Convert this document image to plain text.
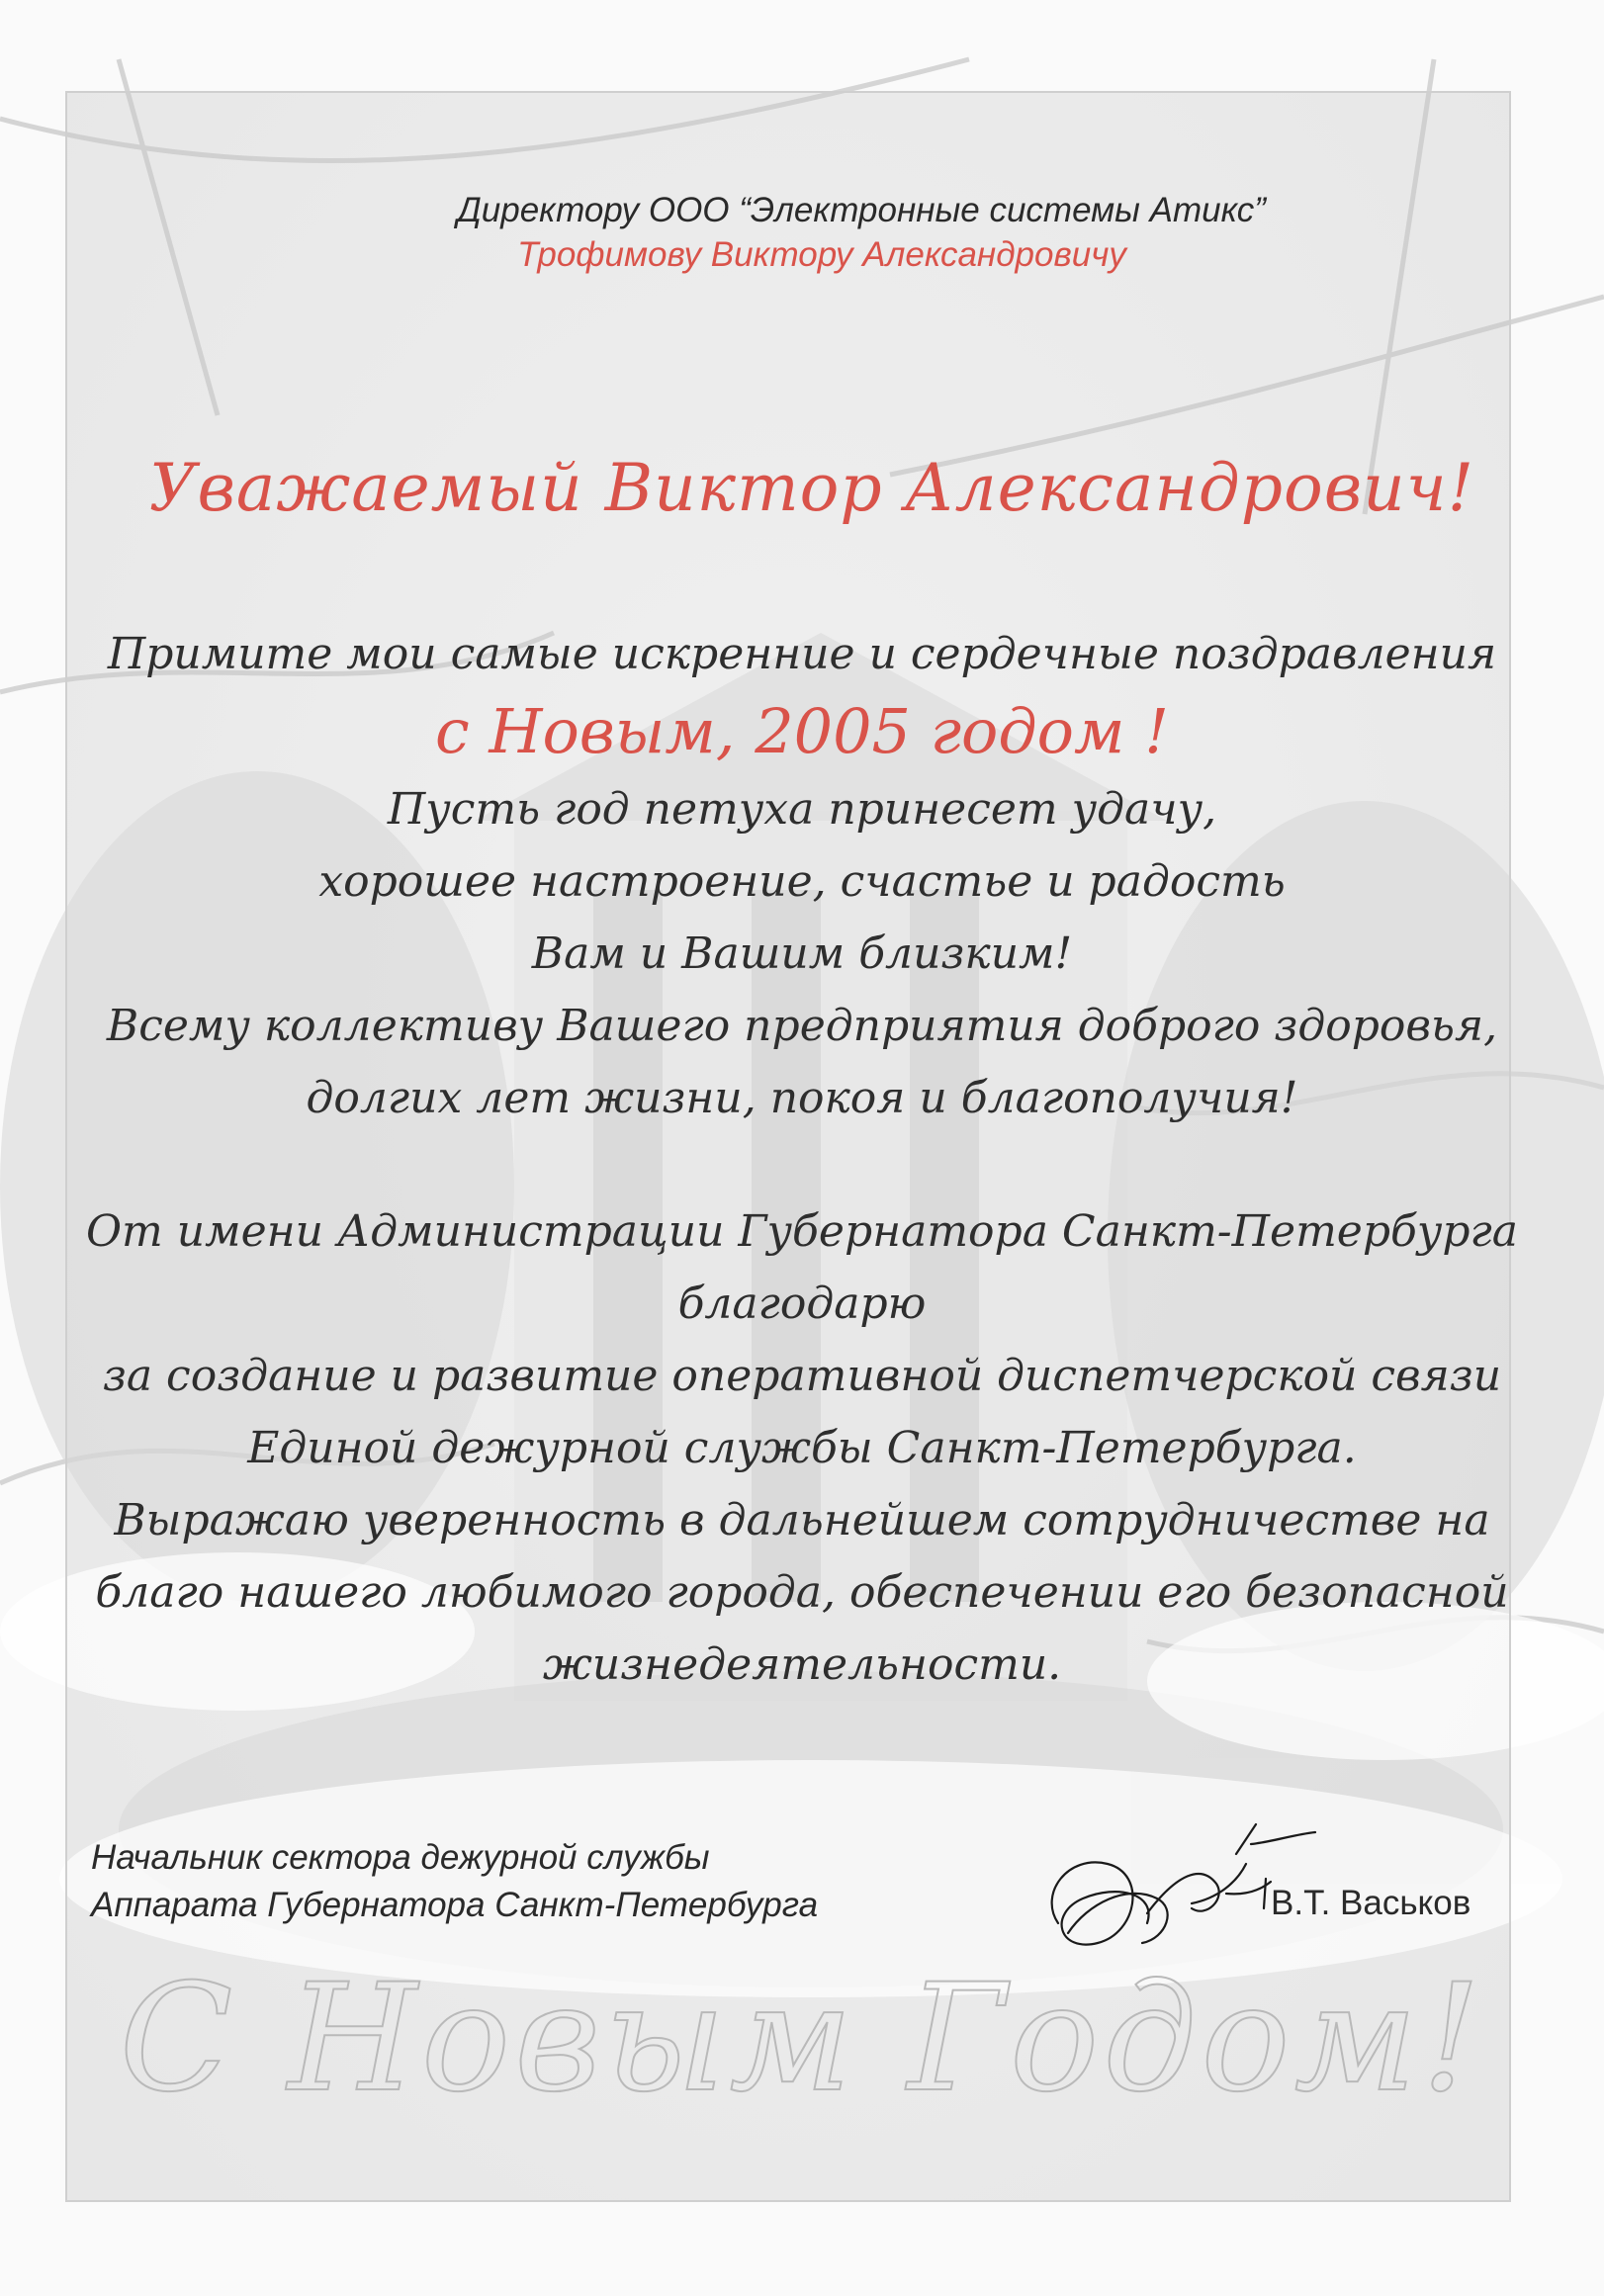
Директору ООО “Электронные системы Атикс”
Трофимову Виктору Александровичу
Уважаемый Виктор Александрович!
Примите мои самые искренние и сердечные поздравления
с Новым, 2005 годом !
Пусть год петуха принесет удачу,
хорошее настроение, счастье и радость
Вам и Вашим близким!
Всему коллективу Вашего предприятия доброго здоровья,
долгих лет жизни, покоя и благополучия!
От имени Администрации Губернатора Санкт-Петербурга
благодарю
за создание и развитие оперативной диспетчерской связи
Единой дежурной службы Санкт-Петербурга.
Выражаю уверенность в дальнейшем сотрудничестве на
благо нашего любимого города, обеспечении его безопасной
жизнедеятельности.
Начальник сектора дежурной службы
Аппарата Губернатора Санкт-Петербурга	В.Т. Васьков
С Новым Годом!
